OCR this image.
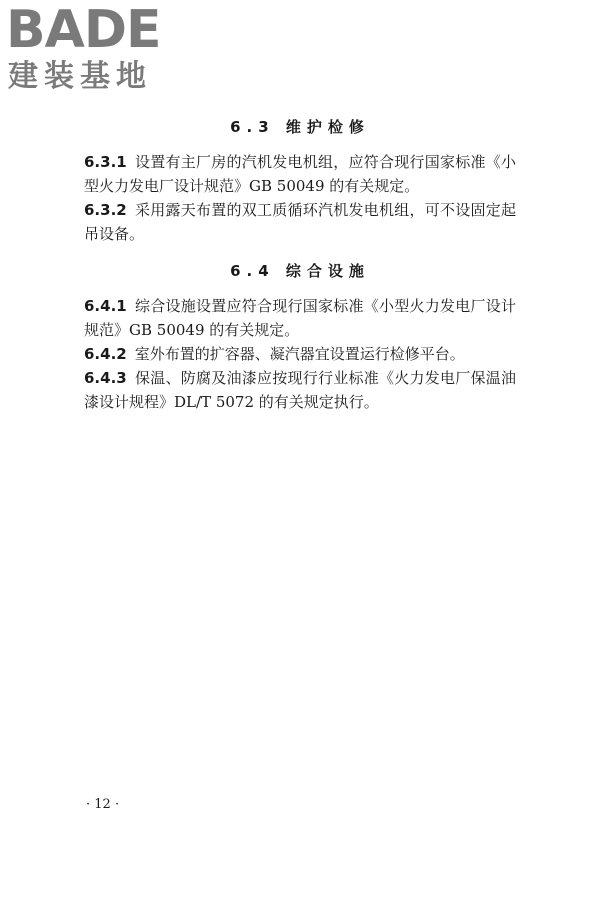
BADE
建装基地
6.3 维护检修

6.3.1 设置有主厂房的汽机发电机组，应符合现行国家标准《小型火力发电厂设计规范》GB 50049 的有关规定。

6.3.2 采用露天布置的双工质循环汽机发电机组，可不设固定起吊设备。

6.4 综合设施

6.4.1 综合设施设置应符合现行国家标准《小型火力发电厂设计规范》GB 50049 的有关规定。

6.4.2 室外布置的扩容器、凝汽器宜设置运行检修平台。

6.4.3 保温、防腐及油漆应按现行行业标准《火力发电厂保温油漆设计规程》DL/T 5072 的有关规定执行。

· 12 ·
